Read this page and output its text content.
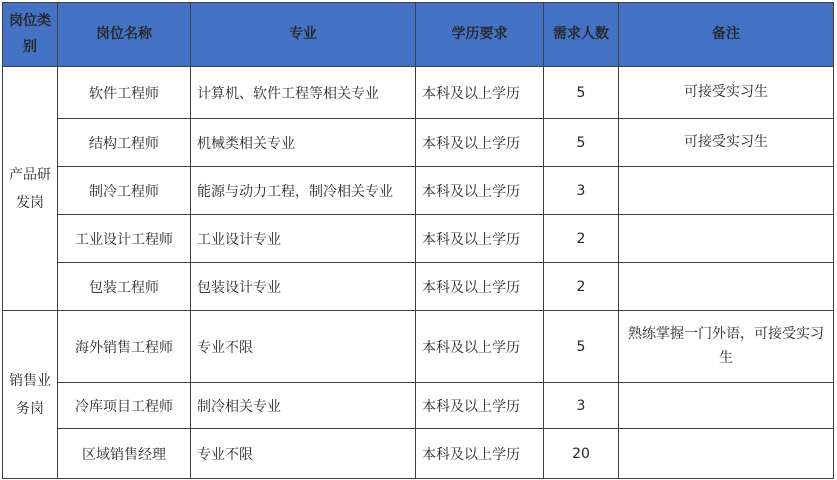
岗位类别	岗位名称	专业	学历要求	需求人数	备注
产品研发岗	软件工程师	计算机、软件工程等相关专业	本科及以上学历	5	可接受实习生
	结构工程师	机械类相关专业	本科及以上学历	5	可接受实习生
	制冷工程师	能源与动力工程，制冷相关专业	本科及以上学历	3	
	工业设计工程师	工业设计专业	本科及以上学历	2	
	包装工程师	包装设计专业	本科及以上学历	2	
销售业务岗	海外销售工程师	专业不限	本科及以上学历	5	熟练掌握一门外语，可接受实习生
	冷库项目工程师	制冷相关专业	本科及以上学历	3	
	区域销售经理	专业不限	本科及以上学历	20	
